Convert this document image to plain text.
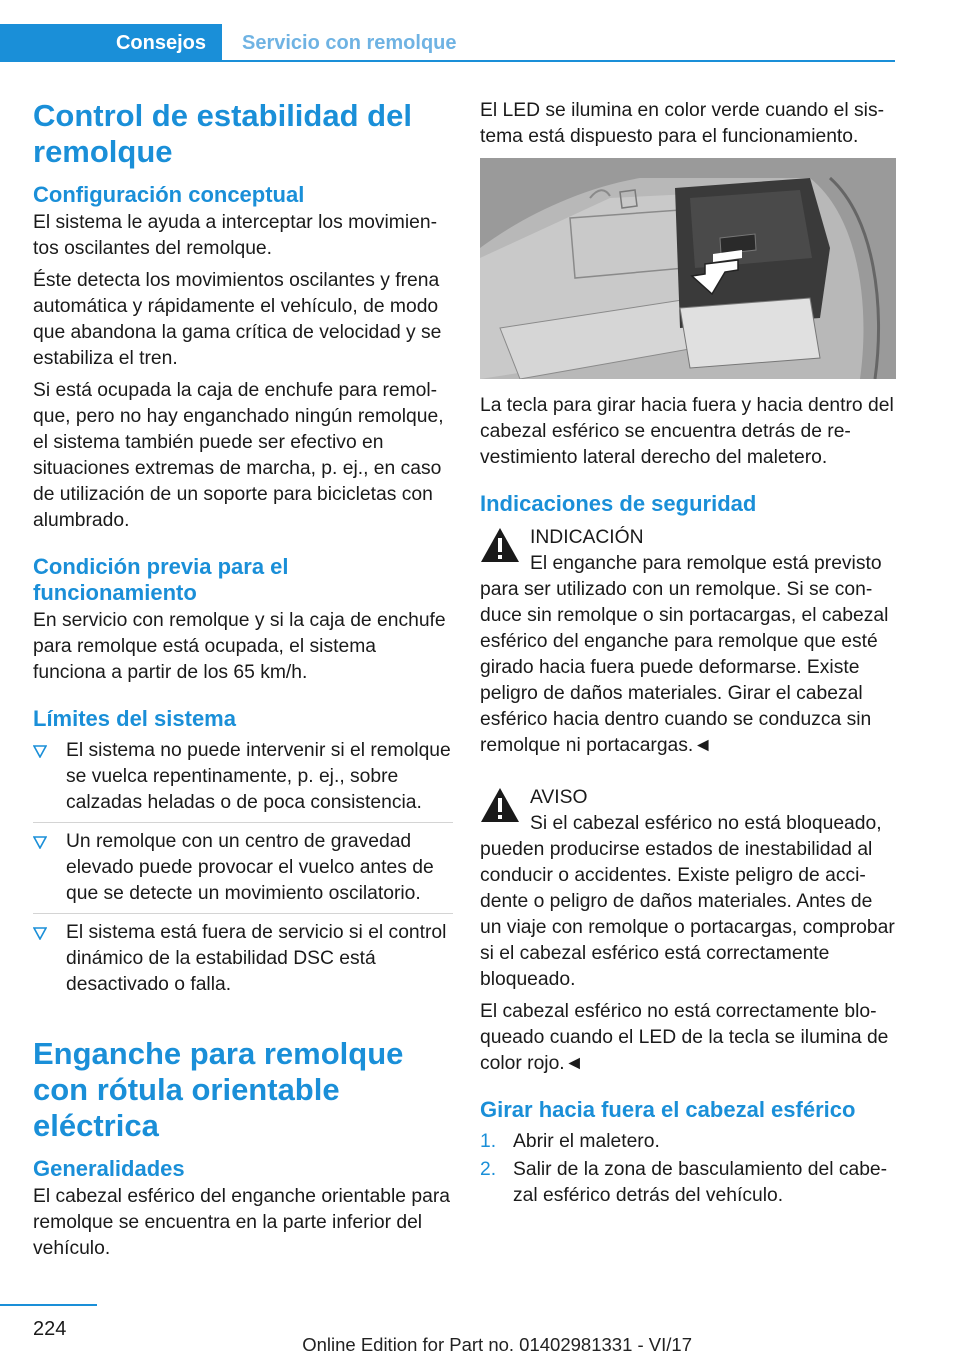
Consejos	Servicio con remolque
Control de estabilidad del remolque
Configuración conceptual

El sistema le ayuda a interceptar los movimientos oscilantes del remolque.

Éste detecta los movimientos oscilantes y frena automática y rápidamente el vehículo, de modo que abandona la gama crítica de velocidad y se estabiliza el tren.

Si está ocupada la caja de enchufe para remolque, pero no hay enganchado ningún remolque, el sistema también puede ser efectivo en situaciones extremas de marcha, p. ej., en caso de utilización de un soporte para bicicletas con alumbrado.

Condición previa para el funcionamiento

En servicio con remolque y si la caja de enchufe para remolque está ocupada, el sistema funciona a partir de los 65 km/h.

Límites del sistema
El sistema no puede intervenir si el remolque se vuelca repentinamente, p. ej., sobre calzadas heladas o de poca consistencia.
Un remolque con un centro de gravedad elevado puede provocar el vuelco antes de que se detecte un movimiento oscilatorio.
El sistema está fuera de servicio si el control dinámico de la estabilidad DSC está desactivado o falla.
Enganche para remolque con rótula orientable eléctrica
Generalidades

El cabezal esférico del enganche orientable para remolque se encuentra en la parte inferior del vehículo.

El LED se ilumina en color verde cuando el sistema está dispuesto para el funcionamiento.

La tecla para girar hacia fuera y hacia dentro del cabezal esférico se encuentra detrás de revestimiento lateral derecho del maletero.

Indicaciones de seguridad
INDICACIÓN
El enganche para remolque está previsto para ser utilizado con un remolque. Si se conduce sin remolque o sin portacargas, el cabezal esférico del enganche para remolque que esté girado hacia fuera puede deformarse. Existe peligro de daños materiales. Girar el cabezal esférico hacia dentro cuando se conduzca sin remolque ni portacargas.◄
AVISO
Si el cabezal esférico no está bloqueado, pueden producirse estados de inestabilidad al conducir o accidentes. Existe peligro de accidente o peligro de daños materiales. Antes de un viaje con remolque o portacargas, comprobar si el cabezal esférico está correctamente bloqueado.

El cabezal esférico no está correctamente bloqueado cuando el LED de la tecla se ilumina de color rojo.◄

Girar hacia fuera el cabezal esférico
1. Abrir el maletero.
2. Salir de la zona de basculamiento del cabezal esférico detrás del vehículo.
224
Online Edition for Part no. 01402981331 - VI/17
